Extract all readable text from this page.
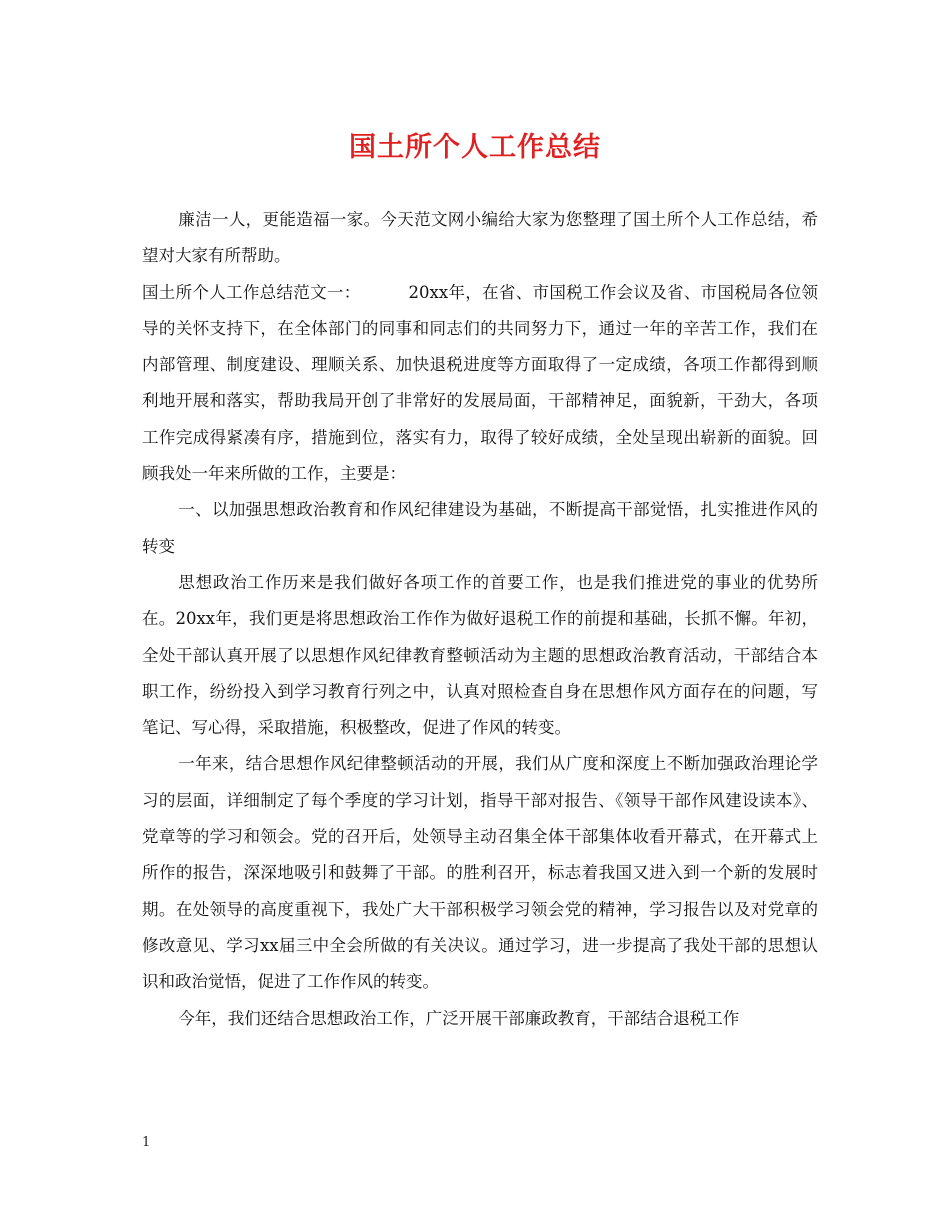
国土所个人工作总结

廉洁一人，更能造福一家。今天范文网小编给大家为您整理了国土所个人工作总结，希望对大家有所帮助。

国土所个人工作总结范文一：	20xx年，在省、市国税工作会议及省、市国税局各位领导的关怀支持下，在全体部门的同事和同志们的共同努力下，通过一年的辛苦工作，我们在内部管理、制度建设、理顺关系、加快退税进度等方面取得了一定成绩，各项工作都得到顺利地开展和落实，帮助我局开创了非常好的发展局面，干部精神足，面貌新，干劲大，各项工作完成得紧凑有序，措施到位，落实有力，取得了较好成绩，全处呈现出崭新的面貌。回顾我处一年来所做的工作，主要是：

一、以加强思想政治教育和作风纪律建设为基础，不断提高干部觉悟，扎实推进作风的转变

思想政治工作历来是我们做好各项工作的首要工作，也是我们推进党的事业的优势所在。20xx年，我们更是将思想政治工作作为做好退税工作的前提和基础，长抓不懈。年初，全处干部认真开展了以思想作风纪律教育整顿活动为主题的思想政治教育活动，干部结合本职工作，纷纷投入到学习教育行列之中，认真对照检查自身在思想作风方面存在的问题，写笔记、写心得，采取措施，积极整改，促进了作风的转变。

一年来，结合思想作风纪律整顿活动的开展，我们从广度和深度上不断加强政治理论学习的层面，详细制定了每个季度的学习计划，指导干部对报告、《领导干部作风建设读本》、党章等的学习和领会。党的召开后，处领导主动召集全体干部集体收看开幕式，在开幕式上所作的报告，深深地吸引和鼓舞了干部。的胜利召开，标志着我国又进入到一个新的发展时期。在处领导的高度重视下，我处广大干部积极学习领会党的精神，学习报告以及对党章的修改意见、学习xx届三中全会所做的有关决议。通过学习，进一步提高了我处干部的思想认识和政治觉悟，促进了工作作风的转变。

今年，我们还结合思想政治工作，广泛开展干部廉政教育，干部结合退税工作

1
